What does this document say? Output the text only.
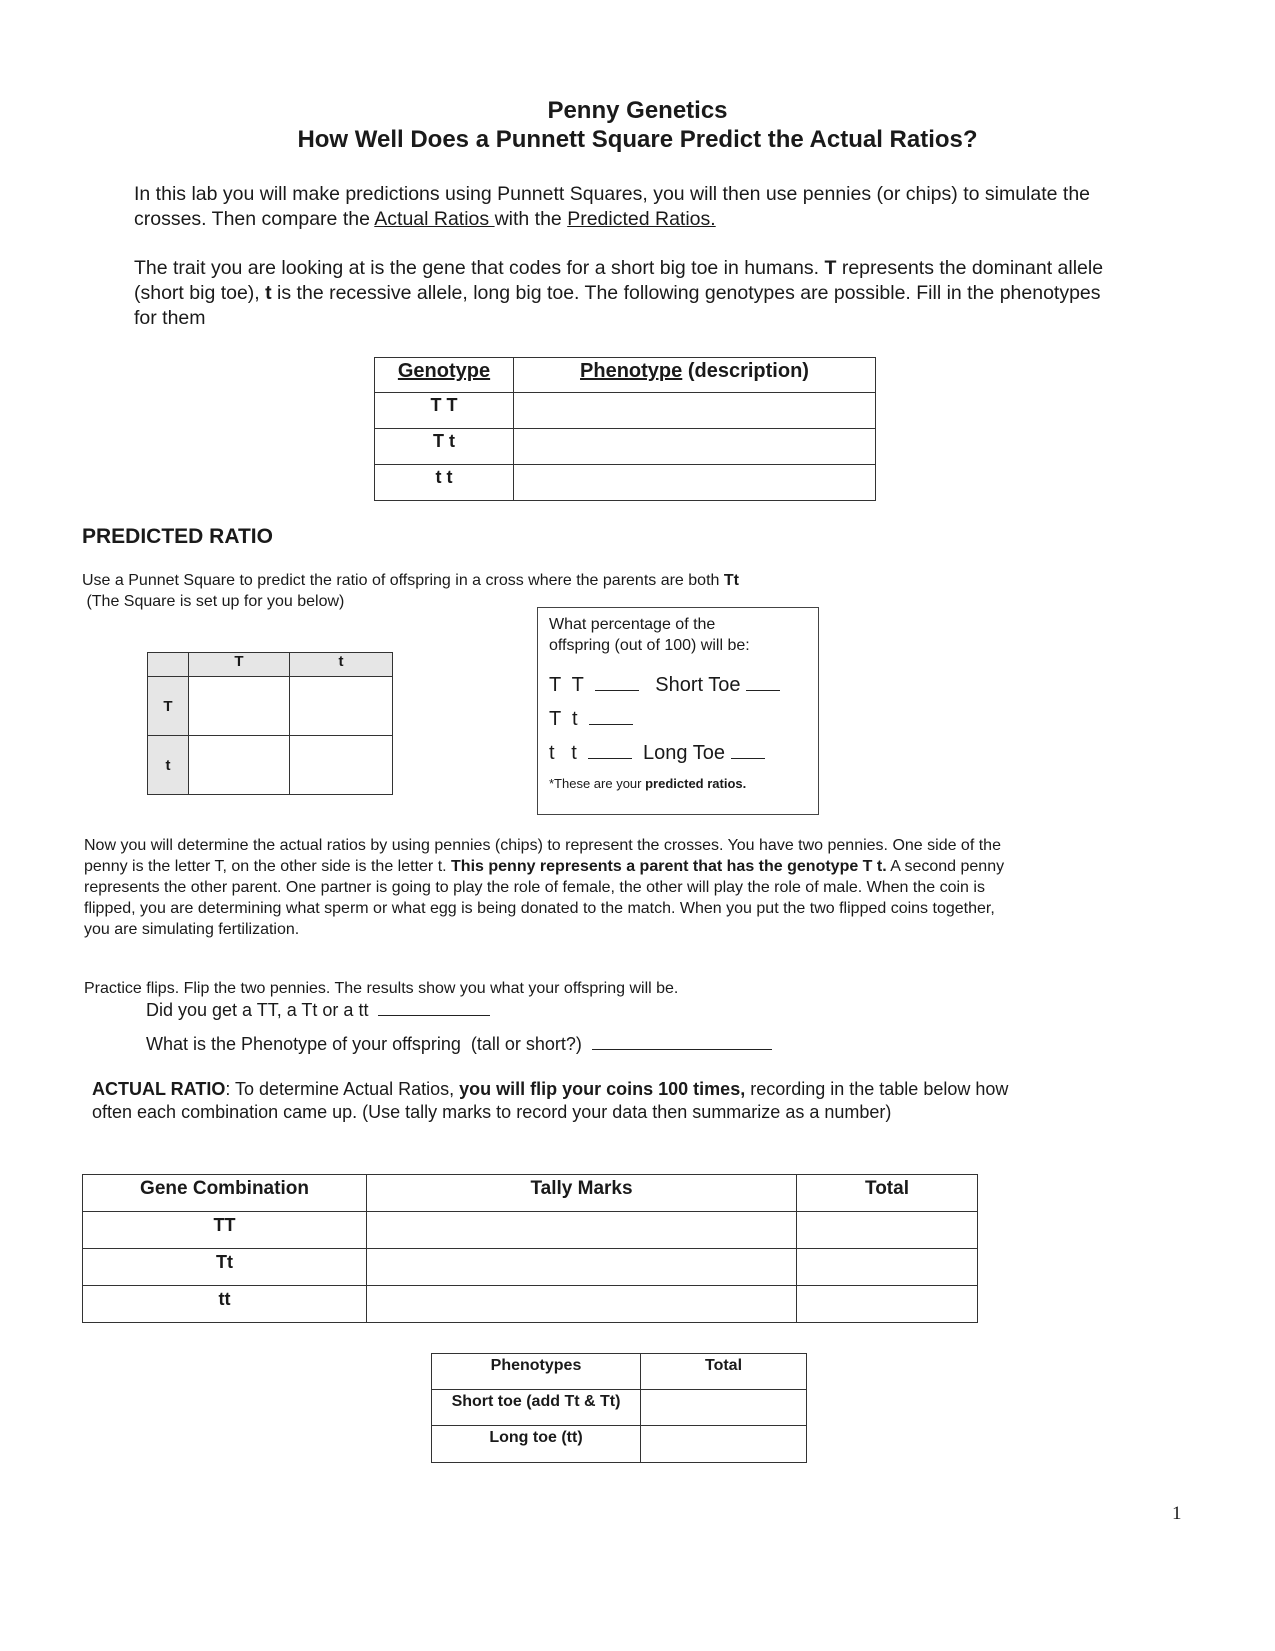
Penny Genetics
How Well Does a Punnett Square Predict the Actual Ratios?
In this lab you will make predictions using Punnett Squares, you will then use pennies (or chips) to simulate the crosses. Then compare the Actual Ratios with the Predicted Ratios.
The trait you are looking at is the gene that codes for a short big toe in humans. T represents the dominant allele (short big toe), t is the recessive allele, long big toe. The following genotypes are possible. Fill in the phenotypes for them
Genotype	Phenotype (description)
T T	
T t	
t t	
PREDICTED RATIO
Use a Punnet Square to predict the ratio of offspring in a cross where the parents are both Tt
(The Square is set up for you below)
	T	t
T		
t		
What percentage of the offspring (out of 100) will be:
T  T	Short Toe
T  t
t   t	Long Toe
*These are your predicted ratios.
Now you will determine the actual ratios by using pennies (chips) to represent the crosses. You have two pennies. One side of the penny is the letter T, on the other side is the letter t. This penny represents a parent that has the genotype T t. A second penny represents the other parent. One partner is going to play the role of female, the other will play the role of male. When the coin is flipped, you are determining what sperm or what egg is being donated to the match. When you put the two flipped coins together, you are simulating fertilization.
Practice flips. Flip the two pennies. The results show you what your offspring will be.
Did you get a TT, a Tt or a tt
What is the Phenotype of your offspring  (tall or short?)
ACTUAL RATIO: To determine Actual Ratios, you will flip your coins 100 times, recording in the table below how often each combination came up. (Use tally marks to record your data then summarize as a number)
Gene Combination	Tally Marks	Total
TT		
Tt		
tt		
Phenotypes	Total
Short toe (add Tt & Tt)	
Long toe (tt)	
1
